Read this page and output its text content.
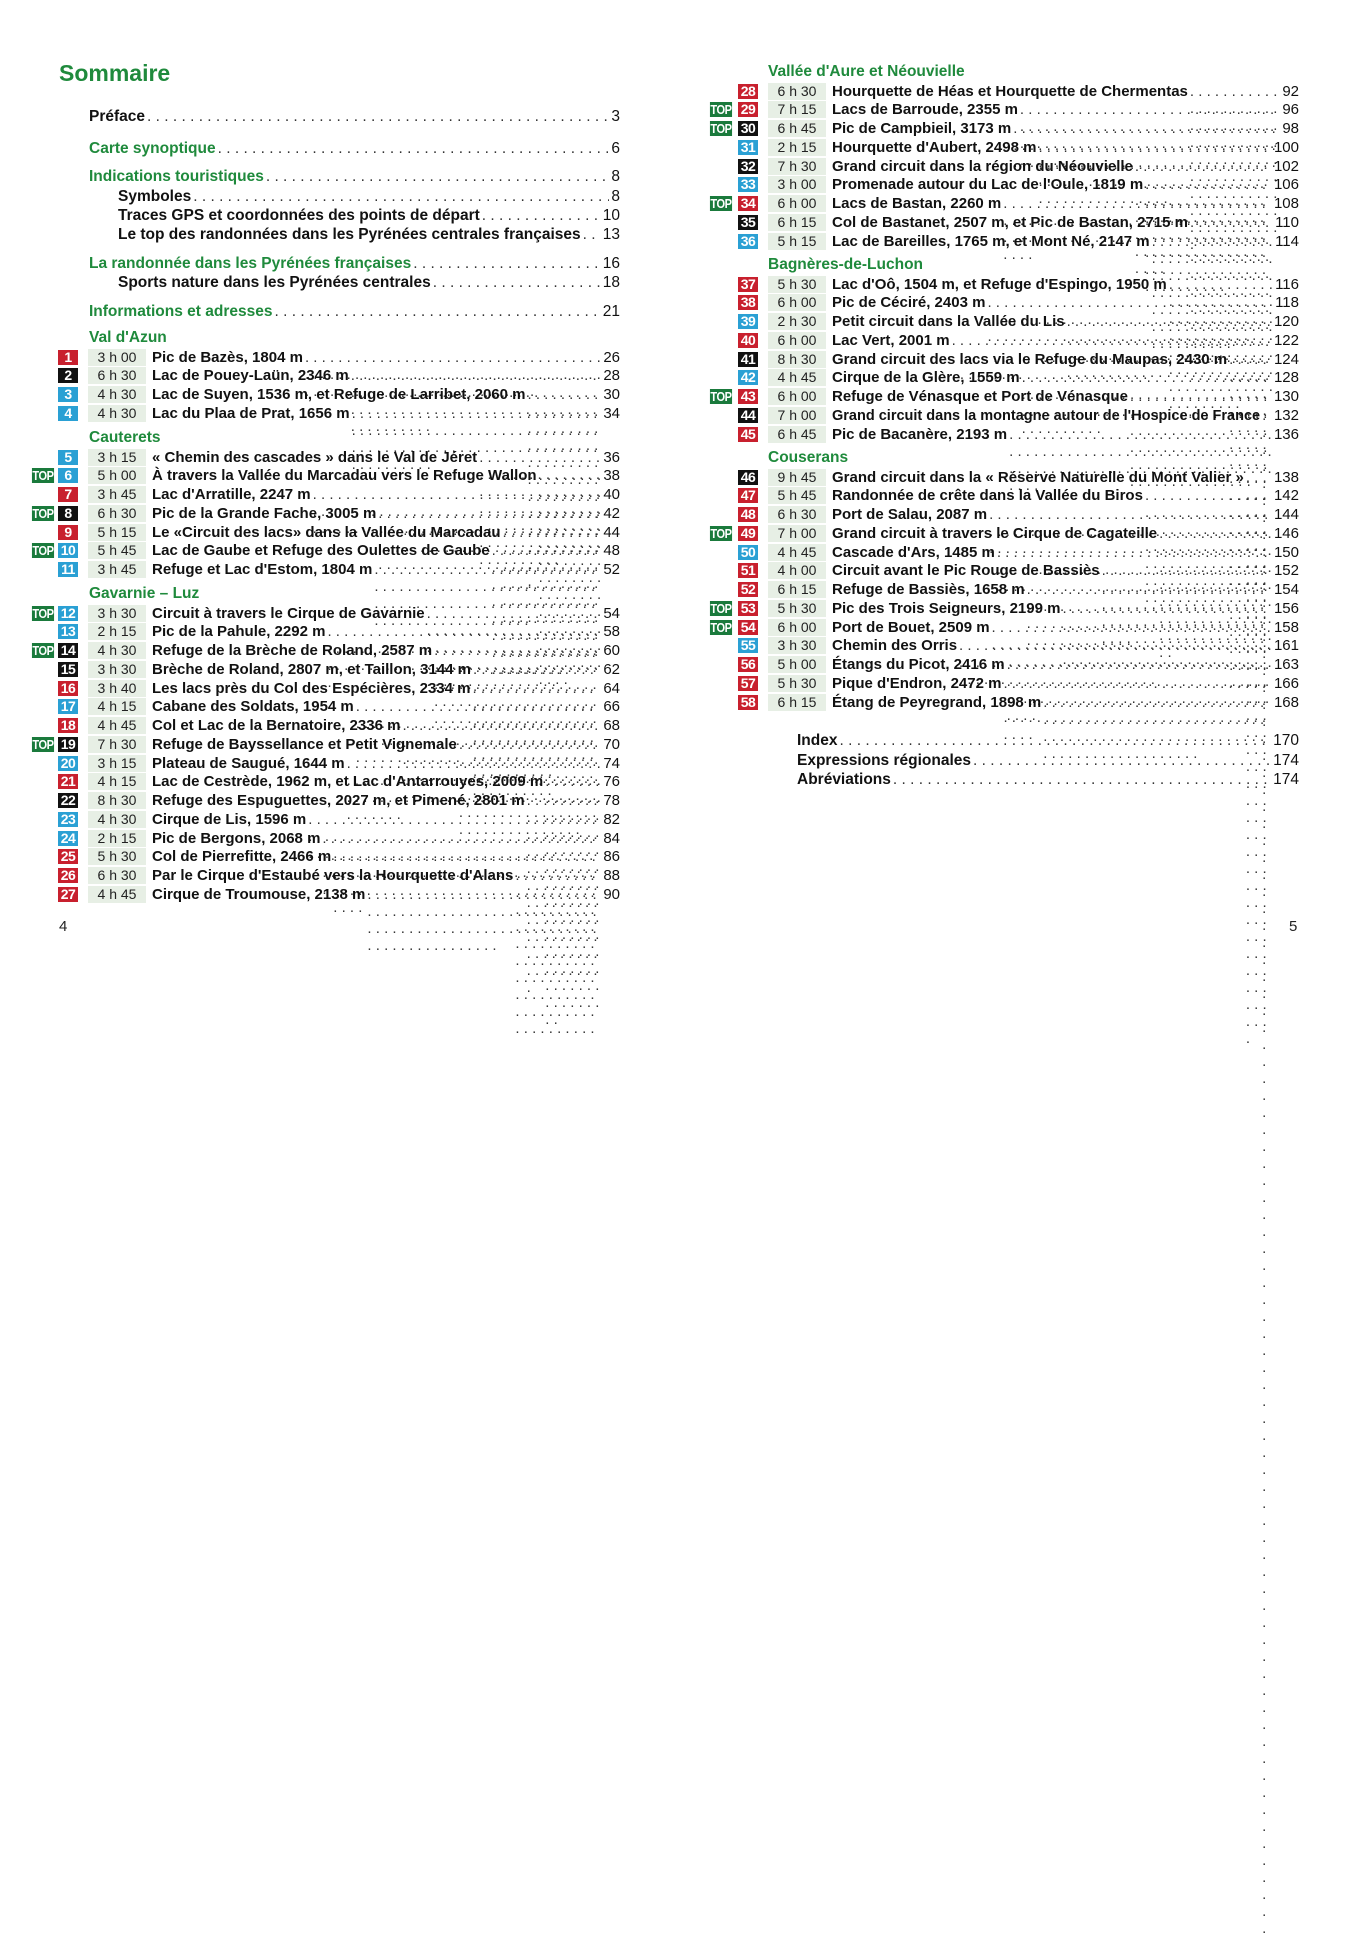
Sommaire
Préface . . .	3
Carte synoptique . . .	6
Indications touristiques . . .	8
Symboles . . .	8
Traces GPS et coordonnées des points de départ . . .	10
Le top des randonnées dans les Pyrénées centrales françaises . . . 13
La randonnée dans les Pyrénées françaises . . .	16
Sports nature dans les Pyrénées centrales . . .	18
Informations et adresses . . .	21
Val d'Azun
1	3 h 00	Pic de Bazès, 1804 m . . .	26
2	6 h 30	Lac de Pouey-Laün, 2346 m . . .	28
3	4 h 30	Lac de Suyen, 1536 m, et Refuge de Larribet, 2060 m . . .	30
4	4 h 30	Lac du Plaa de Prat, 1656 m . . .	34
Cauterets
5	3 h 15	« Chemin des cascades » dans le Val de Jéret . . .	36
TOP 6	5 h 00	À travers la Vallée du Marcadau vers le Refuge Wallon . . .	38
7	3 h 45	Lac d'Arratille, 2247 m . . .	40
TOP 8	6 h 30	Pic de la Grande Fache, 3005 m . . .	42
9	5 h 15	Le «Circuit des lacs» dans la Vallée du Marcadau . . .	44
TOP 10	5 h 45	Lac de Gaube et Refuge des Oulettes de Gaube . . .	48
11	3 h 45	Refuge et Lac d'Estom, 1804 m . . .	52
Gavarnie – Luz
TOP 12	3 h 30	Circuit à travers le Cirque de Gavarnie . . .	54
13	2 h 15	Pic de la Pahule, 2292 m . . .	58
TOP 14	4 h 30	Refuge de la Brèche de Roland, 2587 m . . .	60
15	3 h 30	Brèche de Roland, 2807 m, et Taillon, 3144 m . . .	62
16	3 h 40	Les lacs près du Col des Espécières, 2334 m . . .	64
17	4 h 15	Cabane des Soldats, 1954 m . . .	66
18	4 h 45	Col et Lac de la Bernatoire, 2336 m . . .	68
TOP 19	7 h 30	Refuge de Bayssellance et Petit Vignemale . . .	70
20	3 h 15	Plateau de Saugué, 1644 m . . .	74
21	4 h 15	Lac de Cestrède, 1962 m, et Lac d'Antarrouyes, 2009 m . . .	76
22	8 h 30	Refuge des Espuguettes, 2027 m, et Pimené, 2801 m . . .	78
23	4 h 30	Cirque de Lis, 1596 m . . .	82
24	2 h 15	Pic de Bergons, 2068 m . . .	84
25	5 h 30	Col de Pierrefitte, 2466 m . . .	86
26	6 h 30	Par le Cirque d'Estaubé vers la Hourquette d'Alans . . .	88
27	4 h 45	Cirque de Troumouse, 2138 m . . .	90
4
Vallée d'Aure et Néouvielle
28	6 h 30	Hourquette de Héas et Hourquette de Chermentas . . .	92
TOP 29	7 h 15	Lacs de Barroude, 2355 m . . .	96
TOP 30	6 h 45	Pic de Campbieil, 3173 m . . .	98
31	2 h 15	Hourquette d'Aubert, 2498 m . . .	100
32	7 h 30	Grand circuit dans la région du Néouvielle . . .	102
33	3 h 00	Promenade autour du Lac de l'Oule, 1819 m . . .	106
TOP 34	6 h 00	Lacs de Bastan, 2260 m . . .	108
35	6 h 15	Col de Bastanet, 2507 m, et Pic de Bastan, 2715 m . . .	110
36	5 h 15	Lac de Bareilles, 1765 m, et Mont Né, 2147 m . . .	114
Bagnères-de-Luchon
37	5 h 30	Lac d'Oô, 1504 m, et Refuge d'Espingo, 1950 m . . .	116
38	6 h 00	Pic de Céciré, 2403 m . . .	118
39	2 h 30	Petit circuit dans la Vallée du Lis . . .	120
40	6 h 00	Lac Vert, 2001 m . . .	122
41	8 h 30	Grand circuit des lacs via le Refuge du Maupas, 2430 m . . .	124
42	4 h 45	Cirque de la Glère, 1559 m . . .	128
TOP 43	6 h 00	Refuge de Vénasque et Port de Vénasque . . .	130
44	7 h 00	Grand circuit dans la montagne autour de l'Hospice de France . . . 132
45	6 h 45	Pic de Bacanère, 2193 m . . .	136
Couserans
46	9 h 45	Grand circuit dans la « Réserve Naturelle du Mont Valier » . . . 138
47	5 h 45	Randonnée de crête dans la Vallée du Biros . . .	142
48	6 h 30	Port de Salau, 2087 m . . .	144
TOP 49	7 h 00	Grand circuit à travers le Cirque de Cagateille . . .	146
50	4 h 45	Cascade d'Ars, 1485 m . . .	150
51	4 h 00	Circuit avant le Pic Rouge de Bassiès . . .	152
52	6 h 15	Refuge de Bassiès, 1658 m . . .	154
TOP 53	5 h 30	Pic des Trois Seigneurs, 2199 m . . .	156
TOP 54	6 h 00	Port de Bouet, 2509 m . . .	158
55	3 h 30	Chemin des Orris . . .	161
56	5 h 00	Étangs du Picot, 2416 m . . .	163
57	5 h 30	Pique d'Endron, 2472 m . . .	166
58	6 h 15	Étang de Peyregrand, 1898 m . . .	168
Index . . .	170
Expressions régionales . . .	174
Abréviations . . .	174
5
